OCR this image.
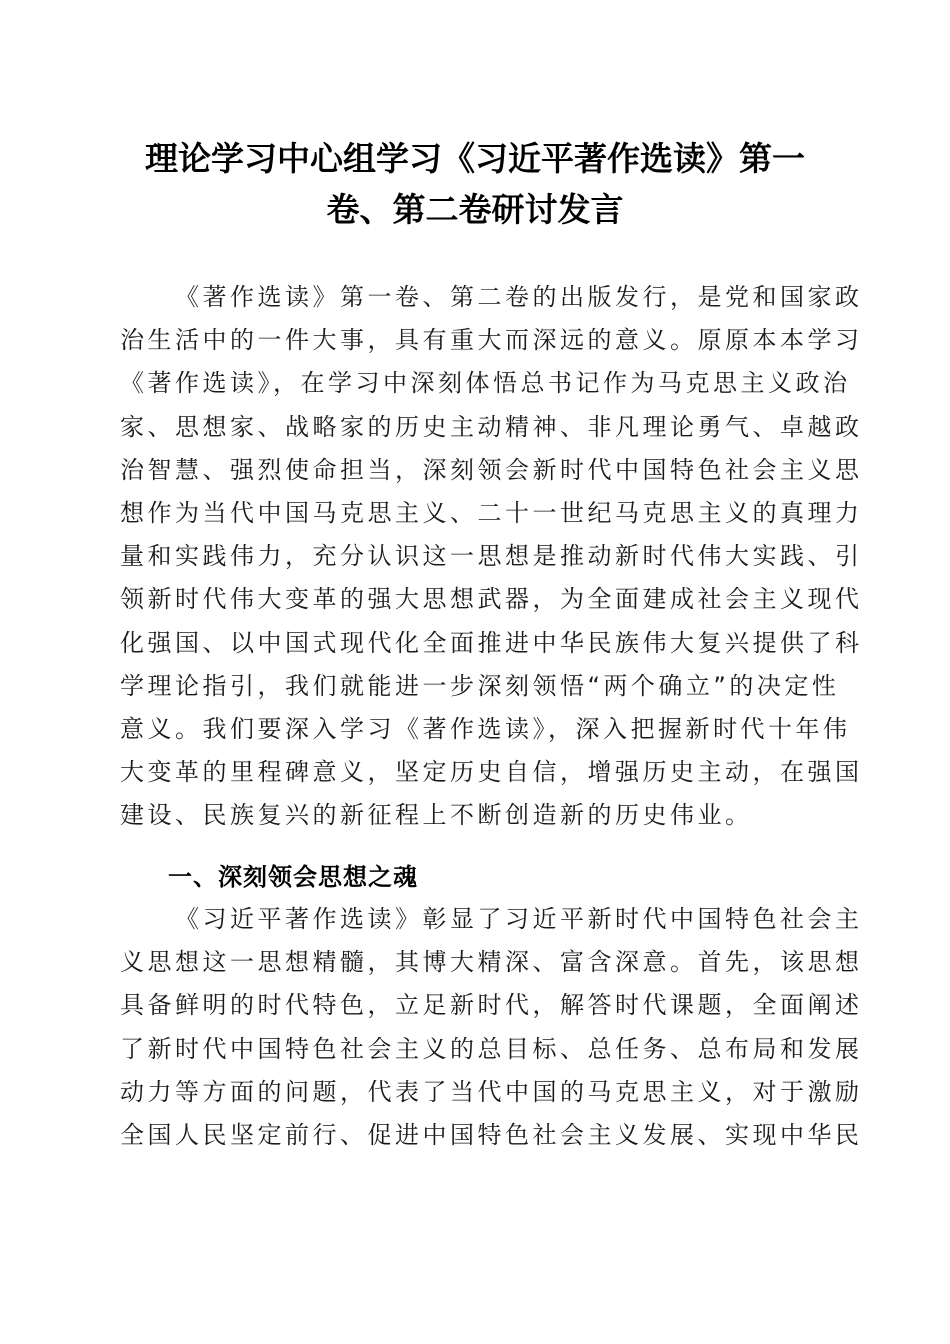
理论学习中心组学习《习近平著作选读》第一
卷、第二卷研讨发言
《著作选读》第一卷、第二卷的出版发行，是党和国家政
治生活中的一件大事，具有重大而深远的意义。原原本本学习
《著作选读》，在学习中深刻体悟总书记作为马克思主义政治
家、思想家、战略家的历史主动精神、非凡理论勇气、卓越政
治智慧、强烈使命担当，深刻领会新时代中国特色社会主义思
想作为当代中国马克思主义、二十一世纪马克思主义的真理力
量和实践伟力，充分认识这一思想是推动新时代伟大实践、引
领新时代伟大变革的强大思想武器，为全面建成社会主义现代
化强国、以中国式现代化全面推进中华民族伟大复兴提供了科
学理论指引，我们就能进一步深刻领悟“两个确立”的决定性
意义。我们要深入学习《著作选读》，深入把握新时代十年伟
大变革的里程碑意义，坚定历史自信，增强历史主动，在强国
建设、民族复兴的新征程上不断创造新的历史伟业。
一、深刻领会思想之魂
《习近平著作选读》彰显了习近平新时代中国特色社会主
义思想这一思想精髓，其博大精深、富含深意。首先，该思想
具备鲜明的时代特色，立足新时代，解答时代课题，全面阐述
了新时代中国特色社会主义的总目标、总任务、总布局和发展
动力等方面的问题，代表了当代中国的马克思主义，对于激励
全国人民坚定前行、促进中国特色社会主义发展、实现中华民
